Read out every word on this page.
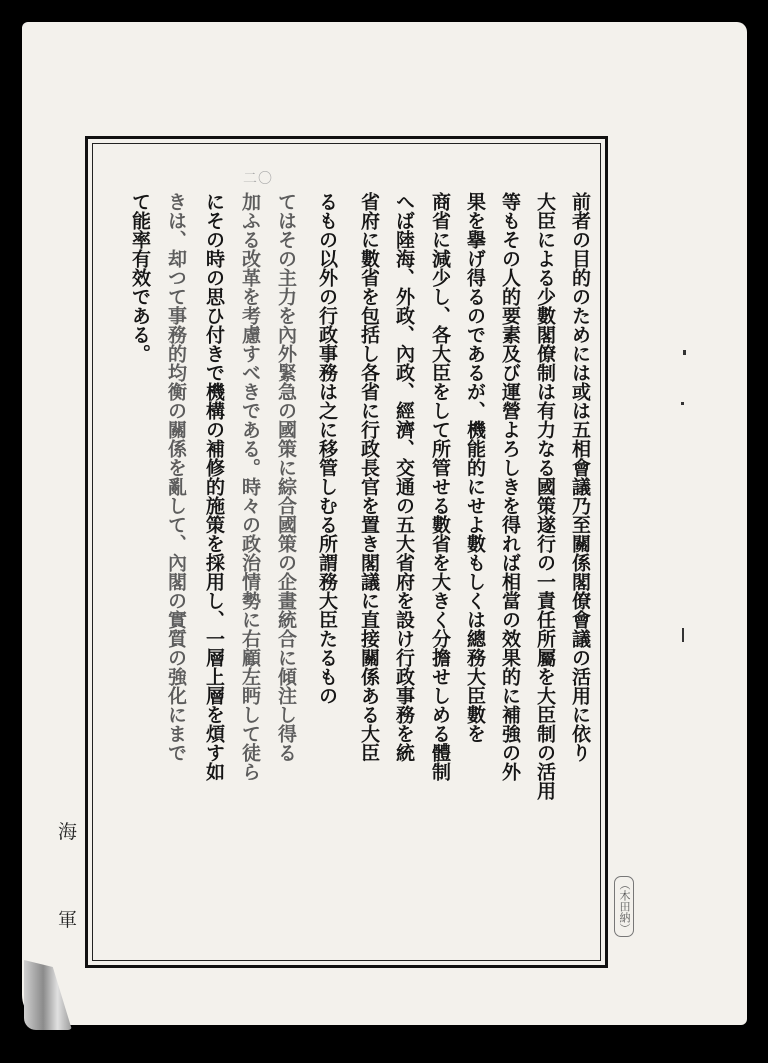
二〇
前者の目的のためには或は五相會議乃至關係閣僚會議の活用に依り
大臣による少數閣僚制は有力なる國策遂行の一責任所屬を大臣制の活用
等もその人的要素及び運營よろしきを得れば相當の效果的に補強の外
果を擧げ得るのであるが、機能的にせよ數もしくは總務大臣數を
商省に減少し、各大臣をして所管せる數省を大きく分擔せしめる體制
へば陸海、外政、內政、經濟、交通の五大省府を設け行政事務を統
省府に數省を包括し各省に行政長官を置き閣議に直接關係ある大臣
るもの以外の行政事務は之に移管しむる所謂務大臣たるもの
てはその主力を內外緊急の國策に綜合國策の企畫統合に傾注し得る
加ふる改革を考慮すべきである。時々の政治情勢に右顧左眄して徒ら
にその時の思ひ付きで機構の補修的施策を採用し、一層上層を煩す如
きは、却つて事務的均衡の關係を亂して、內閣の實質の強化にまで
て能率有效である。
海
軍	（木田納）
